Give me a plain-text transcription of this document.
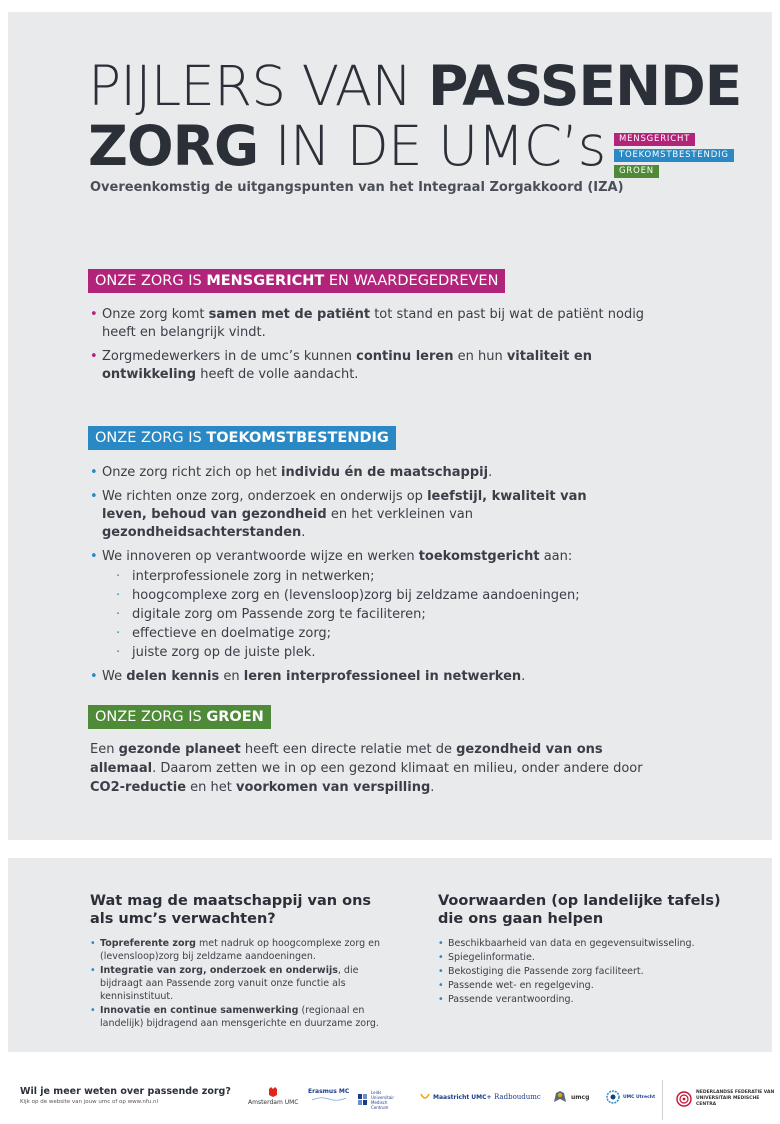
PIJLERS VAN PASSENDE
ZORG IN DE UMC’s	MENSGERICHT
TOEKOMSTBESTENDIG
GROEN
Overeenkomstig de uitgangspunten van het Integraal Zorgakkoord (IZA)
ONZE ZORG IS MENSGERICHT EN WAARDEGEDREVEN
• Onze zorg komt samen met de patiënt tot stand en past bij wat de patiënt nodig heeft en belangrijk vindt.
• Zorgmedewerkers in de umc’s kunnen continu leren en hun vitaliteit en ontwikkeling heeft de volle aandacht.
ONZE ZORG IS TOEKOMSTBESTENDIG
• Onze zorg richt zich op het individu én de maatschappij.
• We richten onze zorg, onderzoek en onderwijs op leefstijl, kwaliteit van leven, behoud van gezondheid en het verkleinen van gezondheidsachterstanden.
• We innoveren op verantwoorde wijze en werken toekomstgericht aan:
· interprofessionele zorg in netwerken;
· hoogcomplexe zorg en (levensloop)zorg bij zeldzame aandoeningen;
· digitale zorg om Passende zorg te faciliteren;
· effectieve en doelmatige zorg;
· juiste zorg op de juiste plek.
• We delen kennis en leren interprofessioneel in netwerken.
ONZE ZORG IS GROEN

Een gezonde planeet heeft een directe relatie met de gezondheid van ons allemaal. Daarom zetten we in op een gezond klimaat en milieu, onder andere door CO2-reductie en het voorkomen van verspilling.

Wat mag de maatschappij van ons als umc’s verwachten?
• Topreferente zorg met nadruk op hoogcomplexe zorg en (levensloop)zorg bij zeldzame aandoeningen.
• Integratie van zorg, onderzoek en onderwijs, die bijdraagt aan Passende zorg vanuit onze functie als kennisinstituut.
• Innovatie en continue samenwerking (regionaal en landelijk) bijdragend aan mensgerichte en duurzame zorg.
Voorwaarden (op landelijke tafels) die ons gaan helpen
• Beschikbaarheid van data en gegevensuitwisseling.
• Spiegelinformatie.
• Bekostiging die Passende zorg faciliteert.
• Passende wet- en regelgeving.
• Passende verantwoording.
Wil je meer weten over passende zorg?
Kijk op de website van jouw umc of op www.nfu.nl	Amsterdam UMC
Erasmus MC	Leids Universitair Medisch Centrum
Maastricht UMC+ Radboudumc	umcg	UMC Utrecht
NEDERLANDSE FEDERATIE VAN UNIVERSITAIR MEDISCHE CENTRA
